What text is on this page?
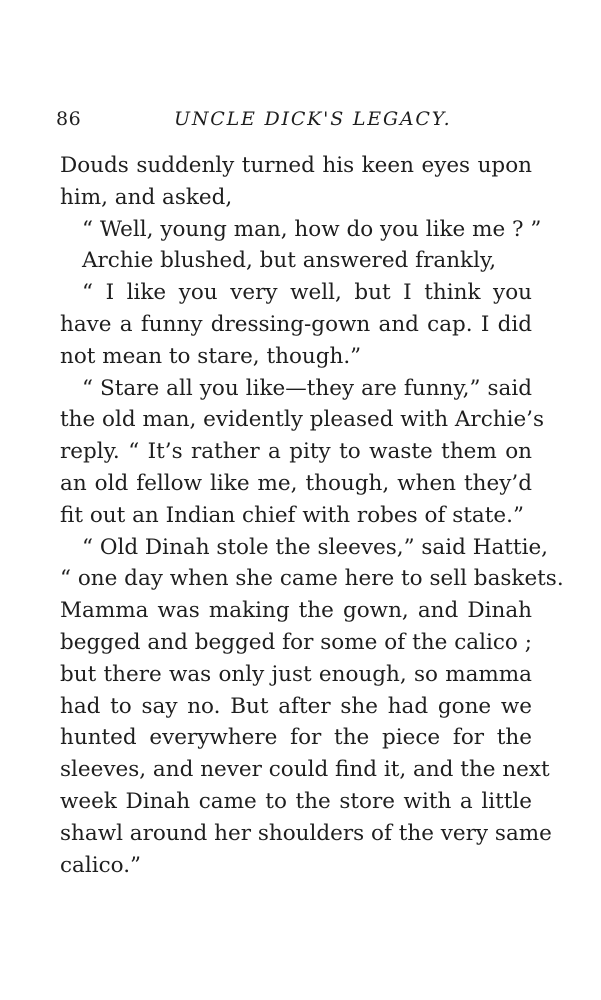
86	UNCLE DICK'S LEGACY.
Douds suddenly turned his keen eyes upon
him, and asked,
“ Well, young man, how do you like me ? ”
Archie blushed, but answered frankly,
“ I like you very well, but I think you
have a funny dressing-gown and cap. I did
not mean to stare, though.”
“ Stare all you like—they are funny,” said
the old man, evidently pleased with Archie’s
reply. “ It’s rather a pity to waste them on
an old fellow like me, though, when they’d
fit out an Indian chief with robes of state.”
“ Old Dinah stole the sleeves,” said Hattie,
“ one day when she came here to sell baskets.
Mamma was making the gown, and Dinah
begged and begged for some of the calico ;
but there was only just enough, so mamma
had to say no. But after she had gone we
hunted everywhere for the piece for the
sleeves, and never could find it, and the next
week Dinah came to the store with a little
shawl around her shoulders of the very same
calico.”
